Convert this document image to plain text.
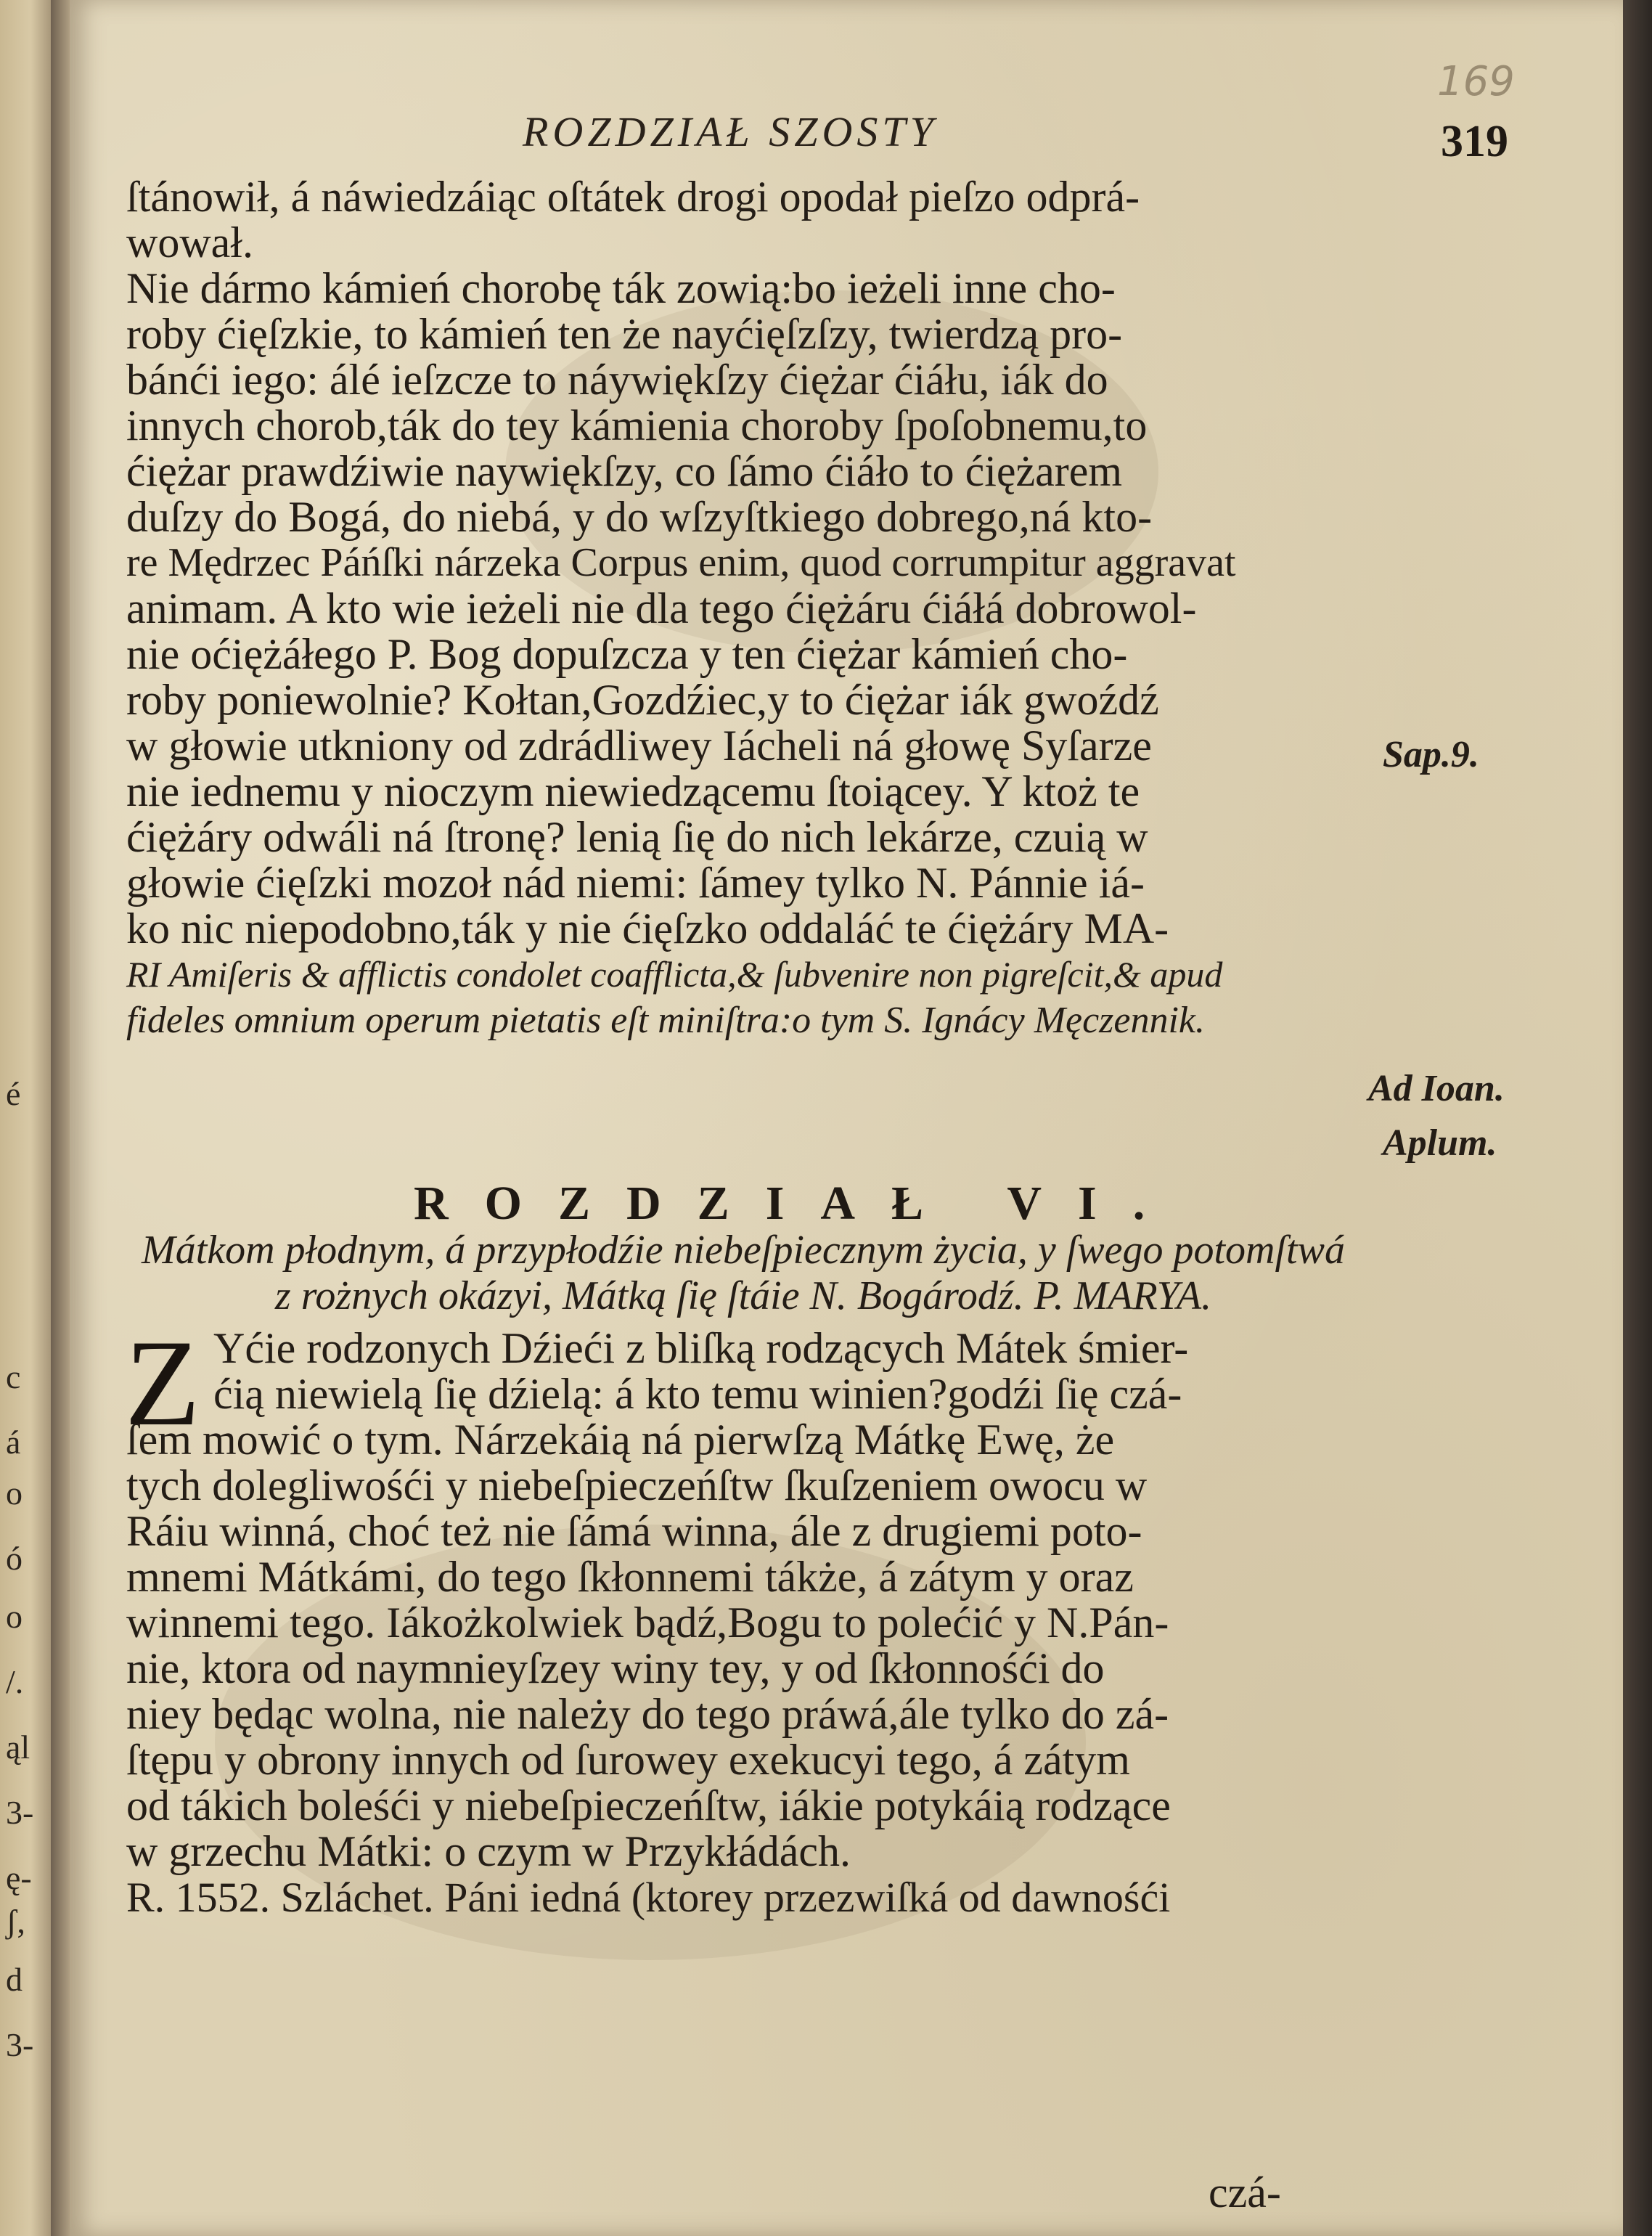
é
c
á
o
ó
o
/.
ąl
3-
ę-
ʃ,
d
3-
169
ROZDZIAŁ SZOSTY	319
ſtánowił, á náwiedzáiąc oſtátek drogi opodał pieſzo odprá-
wował.
Nie dármo kámień chorobę ták zowią:bo ieżeli inne cho-
roby ćięſzkie, to kámień ten że nayćięſzſzy, twierdzą pro-
bánći iego: álé ieſzcze to náywiękſzy ćiężar ćiáłu, iák do
innych chorob,ták do tey kámienia choroby ſpoſobnemu,to
ćiężar prawdźiwie naywiękſzy, co ſámo ćiáło to ćiężarem
duſzy do Bogá, do niebá, y do wſzyſtkiego dobrego,ná kto-
re Mędrzec Páńſki nárzeka Corpus enim, quod corrumpitur aggravat
animam. A kto wie ieżeli nie dla tego ćiężáru ćiáłá dobrowol-
nie oćiężáłego P. Bog dopuſzcza y ten ćiężar kámień cho-
roby poniewolnie? Kołtan,Gozdźiec,y to ćiężar iák gwoźdź
w głowie utkniony od zdrádliwey Iácheli ná głowę Syſarze
nie iednemu y nioczym niewiedzącemu ſtoiącey. Y ktoż te
ćiężáry odwáli ná ſtronę? lenią ſię do nich lekárze, czuią w
głowie ćięſzki mozoł nád niemi: ſámey tylko N. Pánnie iá-
ko nic niepodobno,ták y nie ćięſzko oddaláć te ćiężáry MA-
RI Amiſeris & afflictis condolet coafflicta,& ſubvenire non pigreſcit,& apud
fideles omnium operum pietatis eſt miniſtra:o tym S. Ignácy Męczennik.
Sap.9.
Ad Ioan.
Aplum.
ROZDZIAŁ VI.
Mátkom płodnym, á przypłodźie niebeſpiecznym życia, y ſwego potomſtwá
z rożnych okázyi, Mátką ſię ſtáie N. Bogárodź. P. MARYA.
Z Yćie rodzonych Dźieći z bliſką rodzących Mátek śmier-
ćią niewielą ſię dźielą: á kto temu winien?godźi ſię czá-
ſem mowić o tym. Nárzekáią ná pierwſzą Mátkę Ewę, że
tych dolegliwośći y niebeſpieczeńſtw ſkuſzeniem owocu w
Ráiu winná, choć też nie ſámá winna, ále z drugiemi poto-
mnemi Mátkámi, do tego ſkłonnemi tákże, á zátym y oraz
winnemi tego. Iákożkolwiek bądź,Bogu to polećić y N.Pán-
nie, ktora od naymnieyſzey winy tey, y od ſkłonnośći do
niey będąc wolna, nie należy do tego práwá,ále tylko do zá-
ſtępu y obrony innych od ſurowey exekucyi tego, á zátym
od tákich boleśći y niebeſpieczeńſtw, iákie potykáią rodzące
w grzechu Mátki: o czym w Przykłádách.
R. 1552. Szláchet. Páni iedná (ktorey przezwiſká od dawnośći
czá-
